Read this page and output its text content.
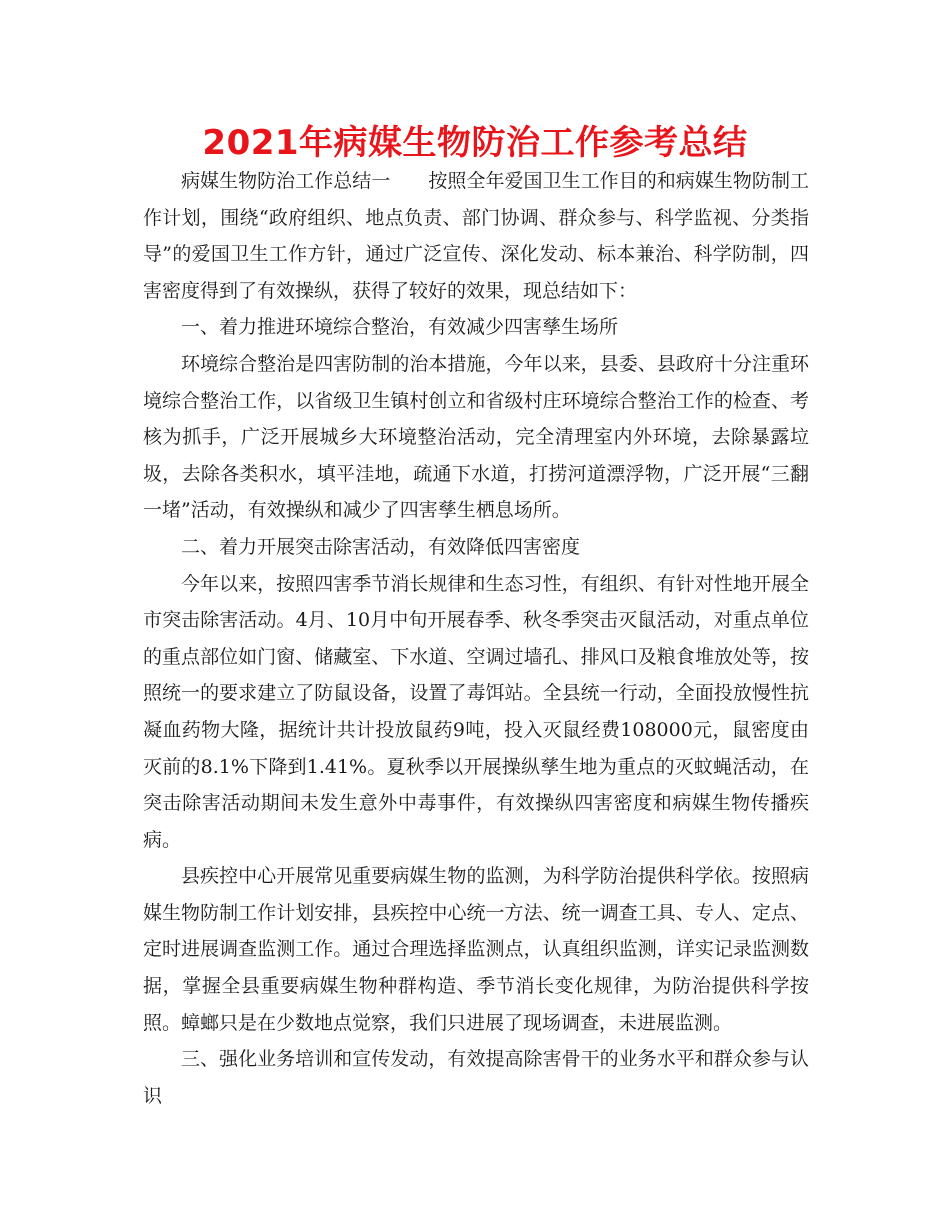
2021年病媒生物防治工作参考总结

病媒生物防治工作总结一 按照全年爱国卫生工作目的和病媒生物防制工作计划，围绕“政府组织、地点负责、部门协调、群众参与、科学监视、分类指导”的爱国卫生工作方针，通过广泛宣传、深化发动、标本兼治、科学防制，四害密度得到了有效操纵，获得了较好的效果，现总结如下：

一、着力推进环境综合整治，有效减少四害孳生场所

环境综合整治是四害防制的治本措施，今年以来，县委、县政府十分注重环境综合整治工作，以省级卫生镇村创立和省级村庄环境综合整治工作的检查、考核为抓手，广泛开展城乡大环境整治活动，完全清理室内外环境，去除暴露垃圾，去除各类积水，填平洼地，疏通下水道，打捞河道漂浮物，广泛开展“三翻一堵”活动，有效操纵和减少了四害孳生栖息场所。

二、着力开展突击除害活动，有效降低四害密度

今年以来，按照四害季节消长规律和生态习性，有组织、有针对性地开展全市突击除害活动。4月、10月中旬开展春季、秋冬季突击灭鼠活动，对重点单位的重点部位如门窗、储藏室、下水道、空调过墙孔、排风口及粮食堆放处等，按照统一的要求建立了防鼠设备，设置了毒饵站。全县统一行动，全面投放慢性抗凝血药物大隆，据统计共计投放鼠药9吨，投入灭鼠经费108000元，鼠密度由灭前的8.1%下降到1.41%。夏秋季以开展操纵孳生地为重点的灭蚊蝇活动，在突击除害活动期间未发生意外中毒事件，有效操纵四害密度和病媒生物传播疾病。

县疾控中心开展常见重要病媒生物的监测，为科学防治提供科学依。按照病媒生物防制工作计划安排，县疾控中心统一方法、统一调查工具、专人、定点、定时进展调查监测工作。通过合理选择监测点，认真组织监测，详实记录监测数据，掌握全县重要病媒生物种群构造、季节消长变化规律，为防治提供科学按照。蟑螂只是在少数地点觉察，我们只进展了现场调查，未进展监测。

三、强化业务培训和宣传发动，有效提高除害骨干的业务水平和群众参与认识
